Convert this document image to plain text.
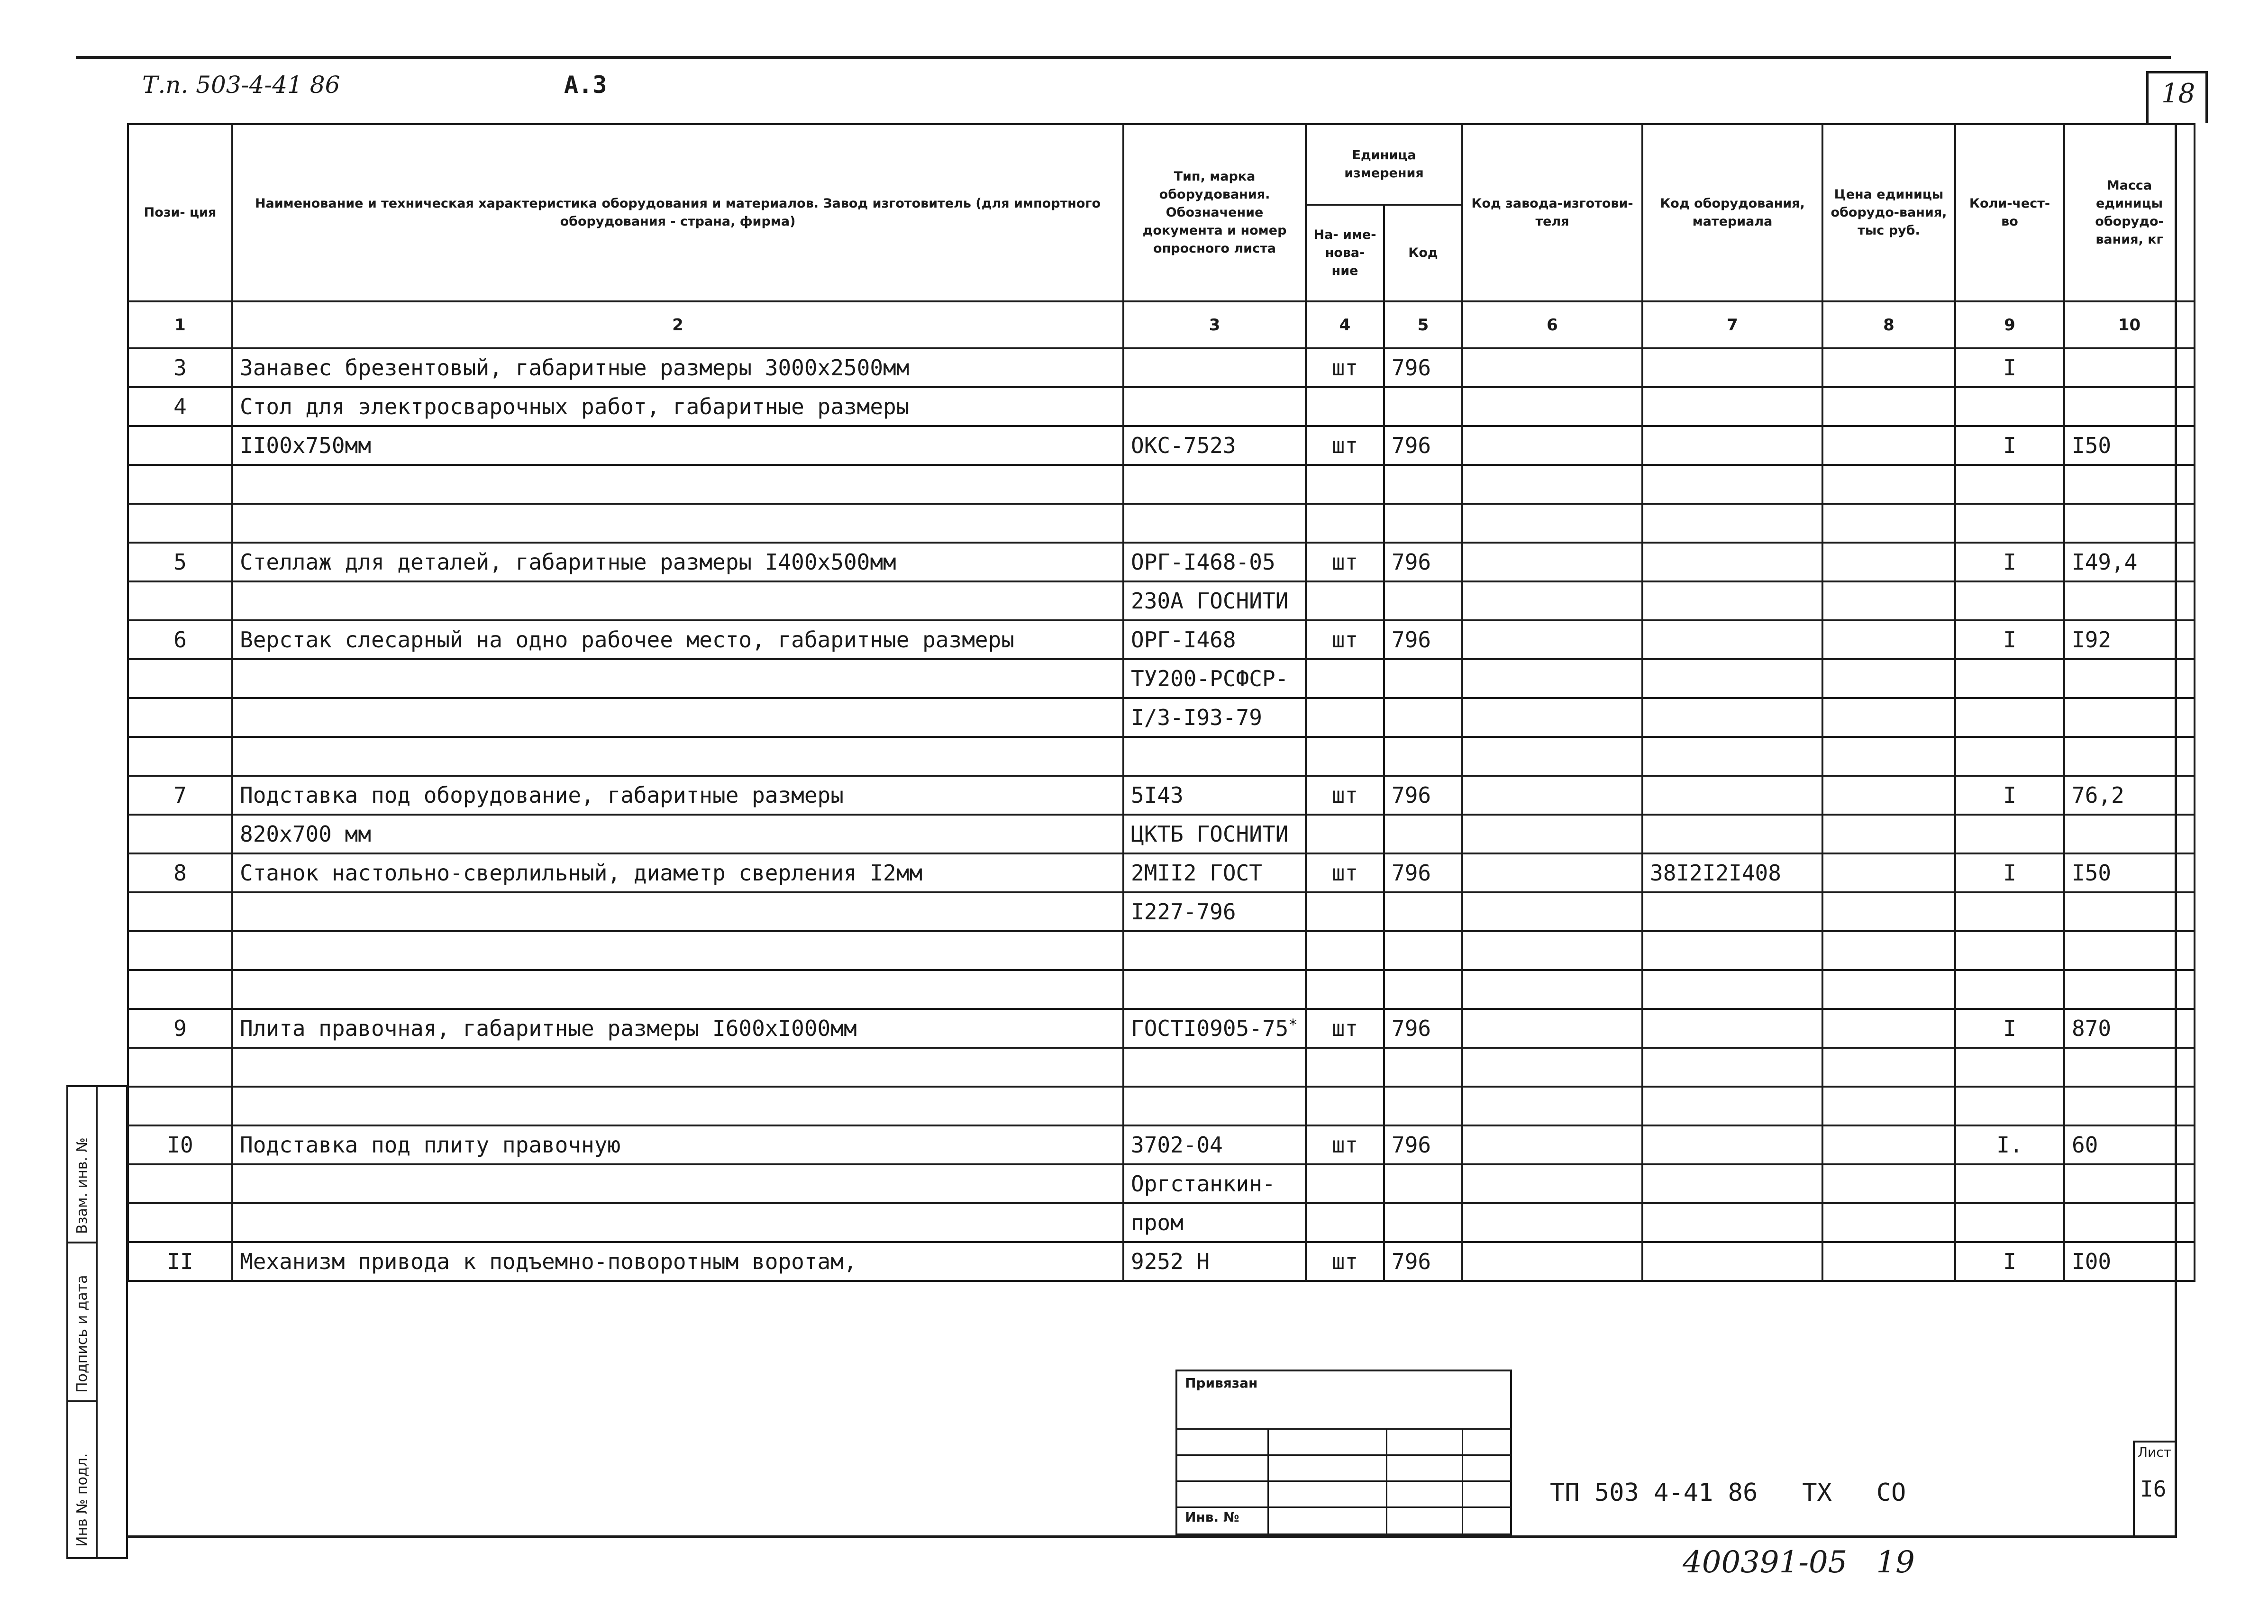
Т.п. 503-4-41 86	А.3	18
Пози- ция	Наименование и техническая характеристика оборудования и материалов. Завод изготовитель (для импортного оборудования - страна, фирма)	Тип, марка оборудования. Обозначение документа и номер опросного листа	Единица измерения		Код завода-изготови-теля	Код оборудования, материала	Цена единицы оборудо-вания, тыс руб.	Коли-чест-во	Масса единицы оборудо-вания, кг
			На- име- нова- ние	Код					
1	2	3	4	5	6	7	8	9	10
3	Занавес брезентовый, габаритные размеры 3000х2500мм		шт	796				I	
4	Стол для электросварочных работ, габаритные размеры								
	II00х750мм	ОКС-7523	шт	796				I	I50

5	Стеллаж для деталей, габаритные размеры I400х500мм	ОРГ-I468-05	шт	796				I	I49,4
		230А ГОСНИТИ							
6	Верстак слесарный на одно рабочее место, габаритные размеры	ОРГ-I468	шт	796				I	I92
		ТУ200-РСФСР-							
		I/3-I93-79							

7	Подставка под оборудование, габаритные размеры	5I43	шт	796				I	76,2
	820х700 мм	ЦКТБ ГОСНИТИ							
8	Станок настольно-сверлильный, диаметр сверления I2мм	2МII2 ГОСТ	шт	796		38I2I2I408		I	I50
		I227-796							

9	Плита правочная, габаритные размеры I600хI000мм	ГОСТI0905-75*	шт	796				I	870

I0	Подставка под плиту правочную	3702-04	шт	796				I.	60
		Оргстанкин-							
		пром							
II	Механизм привода к подъемно-поворотным воротам,	9252 Н	шт	796				I	I00
Взам. инв. №
Подпись и дата
Инв № подл.
Привязан
Инв. №
ТП 503 4-41 86   ТХ   СО
Лист
I6
400391-05   19
